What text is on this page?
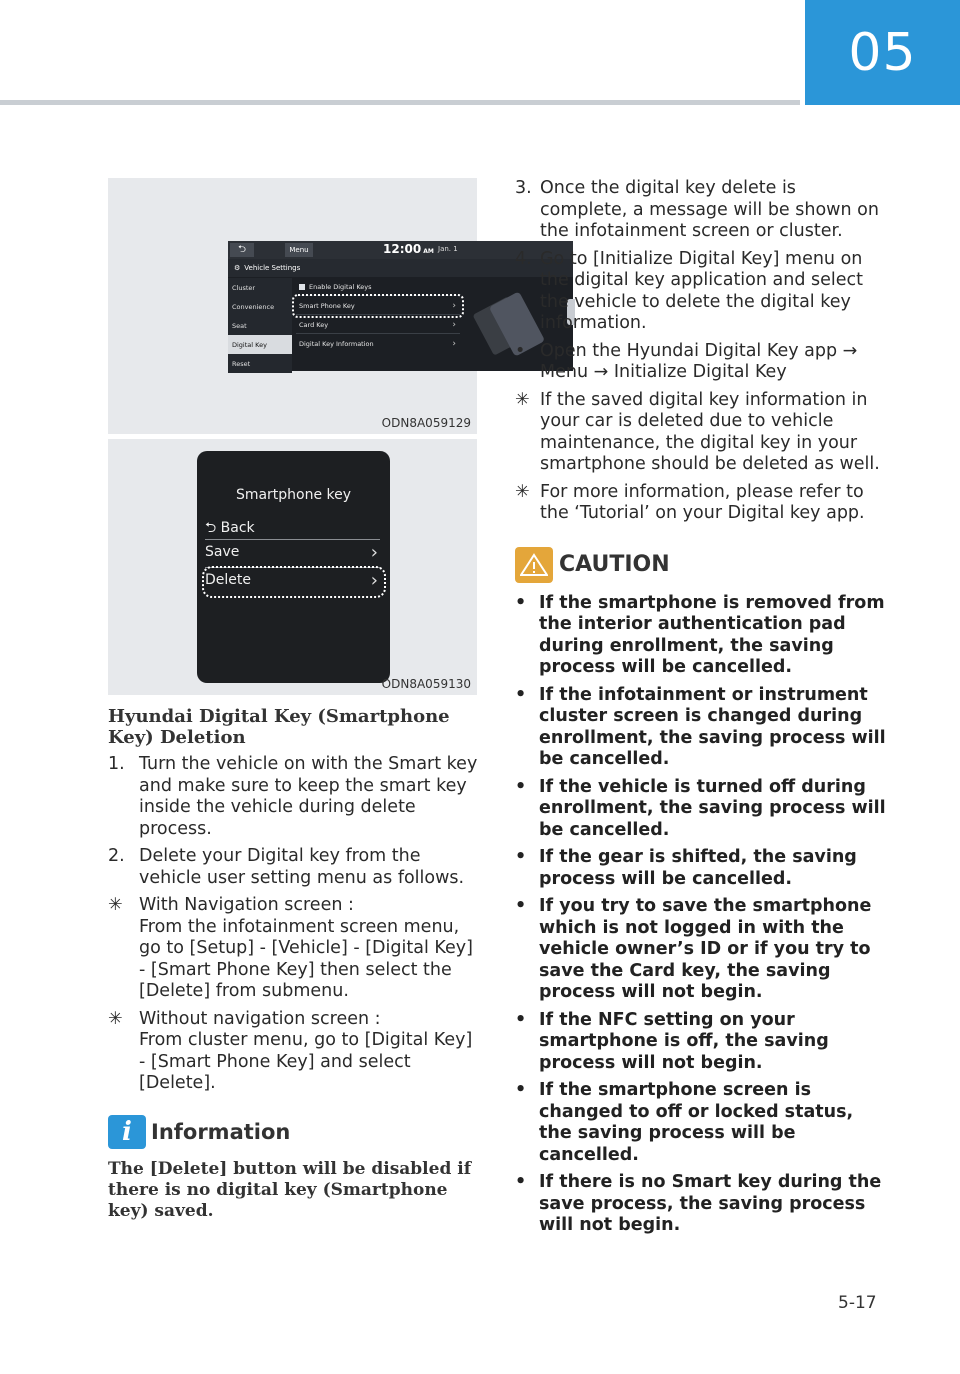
05
⮌	Menu	12:00 AM Jan. 1
⚙ Vehicle Settings
Cluster
Convenience
Seat
Digital Key
Reset
Enable Digital Keys
Smart Phone Key	›
Card Key	›
Digital Key Information	›
ODN8A059129
Smartphone key
⮌ Back
Save	›
Delete	›
ODN8A059130
Hyundai Digital Key (Smartphone Key) Deletion
1. Turn the vehicle on with the Smart key and make sure to keep the smart key inside the vehicle during delete process.
2. Delete your Digital key from the vehicle user setting menu as follows.
✳ With Navigation screen :
From the infotainment screen menu, go to [Setup] - [Vehicle] - [Digital Key] - [Smart Phone Key] then select the [Delete] from submenu.
✳ Without navigation screen :
From cluster menu, go to [Digital Key] - [Smart Phone Key] and select [Delete].
i Information
The [Delete] button will be disabled if there is no digital key (Smartphone key) saved.
3. Once the digital key delete is complete, a message will be shown on the infotainment screen or cluster.
4. Go to [Initialize Digital Key] menu on the digital key application and select the vehicle to delete the digital key information.
• Open the Hyundai Digital Key app → Menu → Initialize Digital Key
✳ If the saved digital key information in your car is deleted due to vehicle maintenance, the digital key in your smartphone should be deleted as well.
✳ For more information, please refer to the ‘Tutorial’ on your Digital key app.
CAUTION
• If the smartphone is removed from the interior authentication pad during enrollment, the saving process will be cancelled.
• If the infotainment or instrument cluster screen is changed during enrollment, the saving process will be cancelled.
• If the vehicle is turned off during enrollment, the saving process will be cancelled.
• If the gear is shifted, the saving process will be cancelled.
• If you try to save the smartphone which is not logged in with the vehicle owner’s ID or if you try to save the Card key, the saving process will not begin.
• If the NFC setting on your smartphone is off, the saving process will not begin.
• If the smartphone screen is changed to off or locked status, the saving process will be cancelled.
• If there is no Smart key during the save process, the saving process will not begin.
5-17
